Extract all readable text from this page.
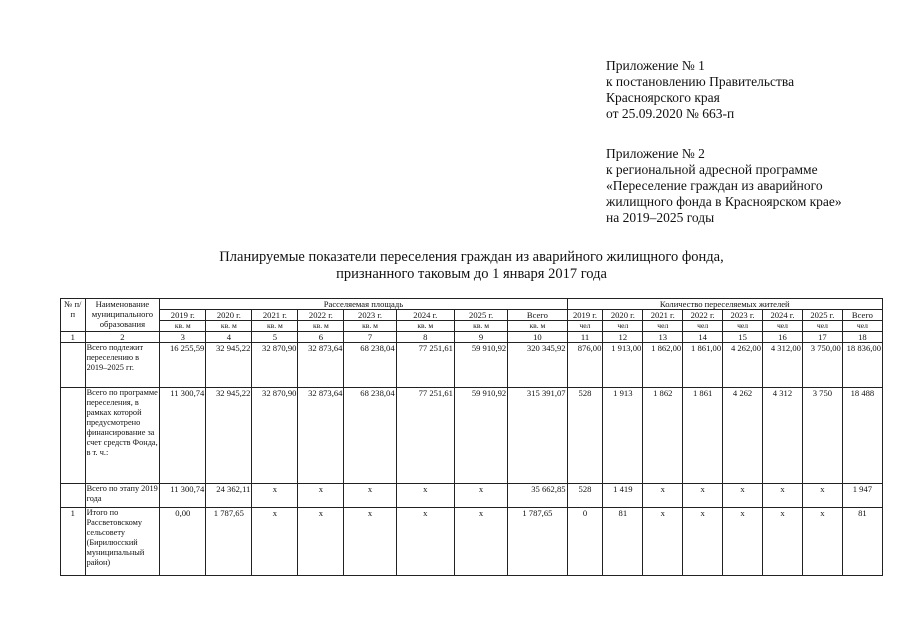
Приложение № 1
к постановлению Правительства
Красноярского края
от 25.09.2020 № 663-п
Приложение № 2
к региональной адресной программе
«Переселение граждан из аварийного
жилищного фонда в Красноярском крае»
на 2019–2025 годы
Планируемые показатели переселения граждан из аварийного жилищного фонда,
признанного таковым до 1 января 2017 года
№ п/п	Наименование муниципального образования	Расселяемая площадь								Количество переселяемых жителей							
		2019 г.	2020 г.	2021 г.	2022 г.	2023 г.	2024 г.	2025 г.	Всего	2019 г.	2020 г.	2021 г.	2022 г.	2023 г.	2024 г.	2025 г.	Всего
		кв. м	кв. м	кв. м	кв. м	кв. м	кв. м	кв. м	кв. м	чел	чел	чел	чел	чел	чел	чел	чел
1	2	3	4	5	6	7	8	9	10	11	12	13	14	15	16	17	18
	Всего подлежит переселению в 2019–2025 гг.	16 255,59	32 945,22	32 870,90	32 873,64	68 238,04	77 251,61	59 910,92	320 345,92	876,00	1 913,00	1 862,00	1 861,00	4 262,00	4 312,00	3 750,00	18 836,00
	Всего по программе переселения, в рамках которой предусмотрено финансирование за счет средств Фонда, в т. ч.:	11 300,74	32 945,22	32 870,90	32 873,64	68 238,04	77 251,61	59 910,92	315 391,07	528	1 913	1 862	1 861	4 262	4 312	3 750	18 488
	Всего по этапу 2019 года	11 300,74	24 362,11	х	х	х	х	х	35 662,85	528	1 419	х	х	х	х	х	1 947
1	Итого по Рассветовскому сельсовету (Бирилюсский муниципальный район)	0,00	1 787,65	х	х	х	х	х	1 787,65	0	81	х	х	х	х	х	81
